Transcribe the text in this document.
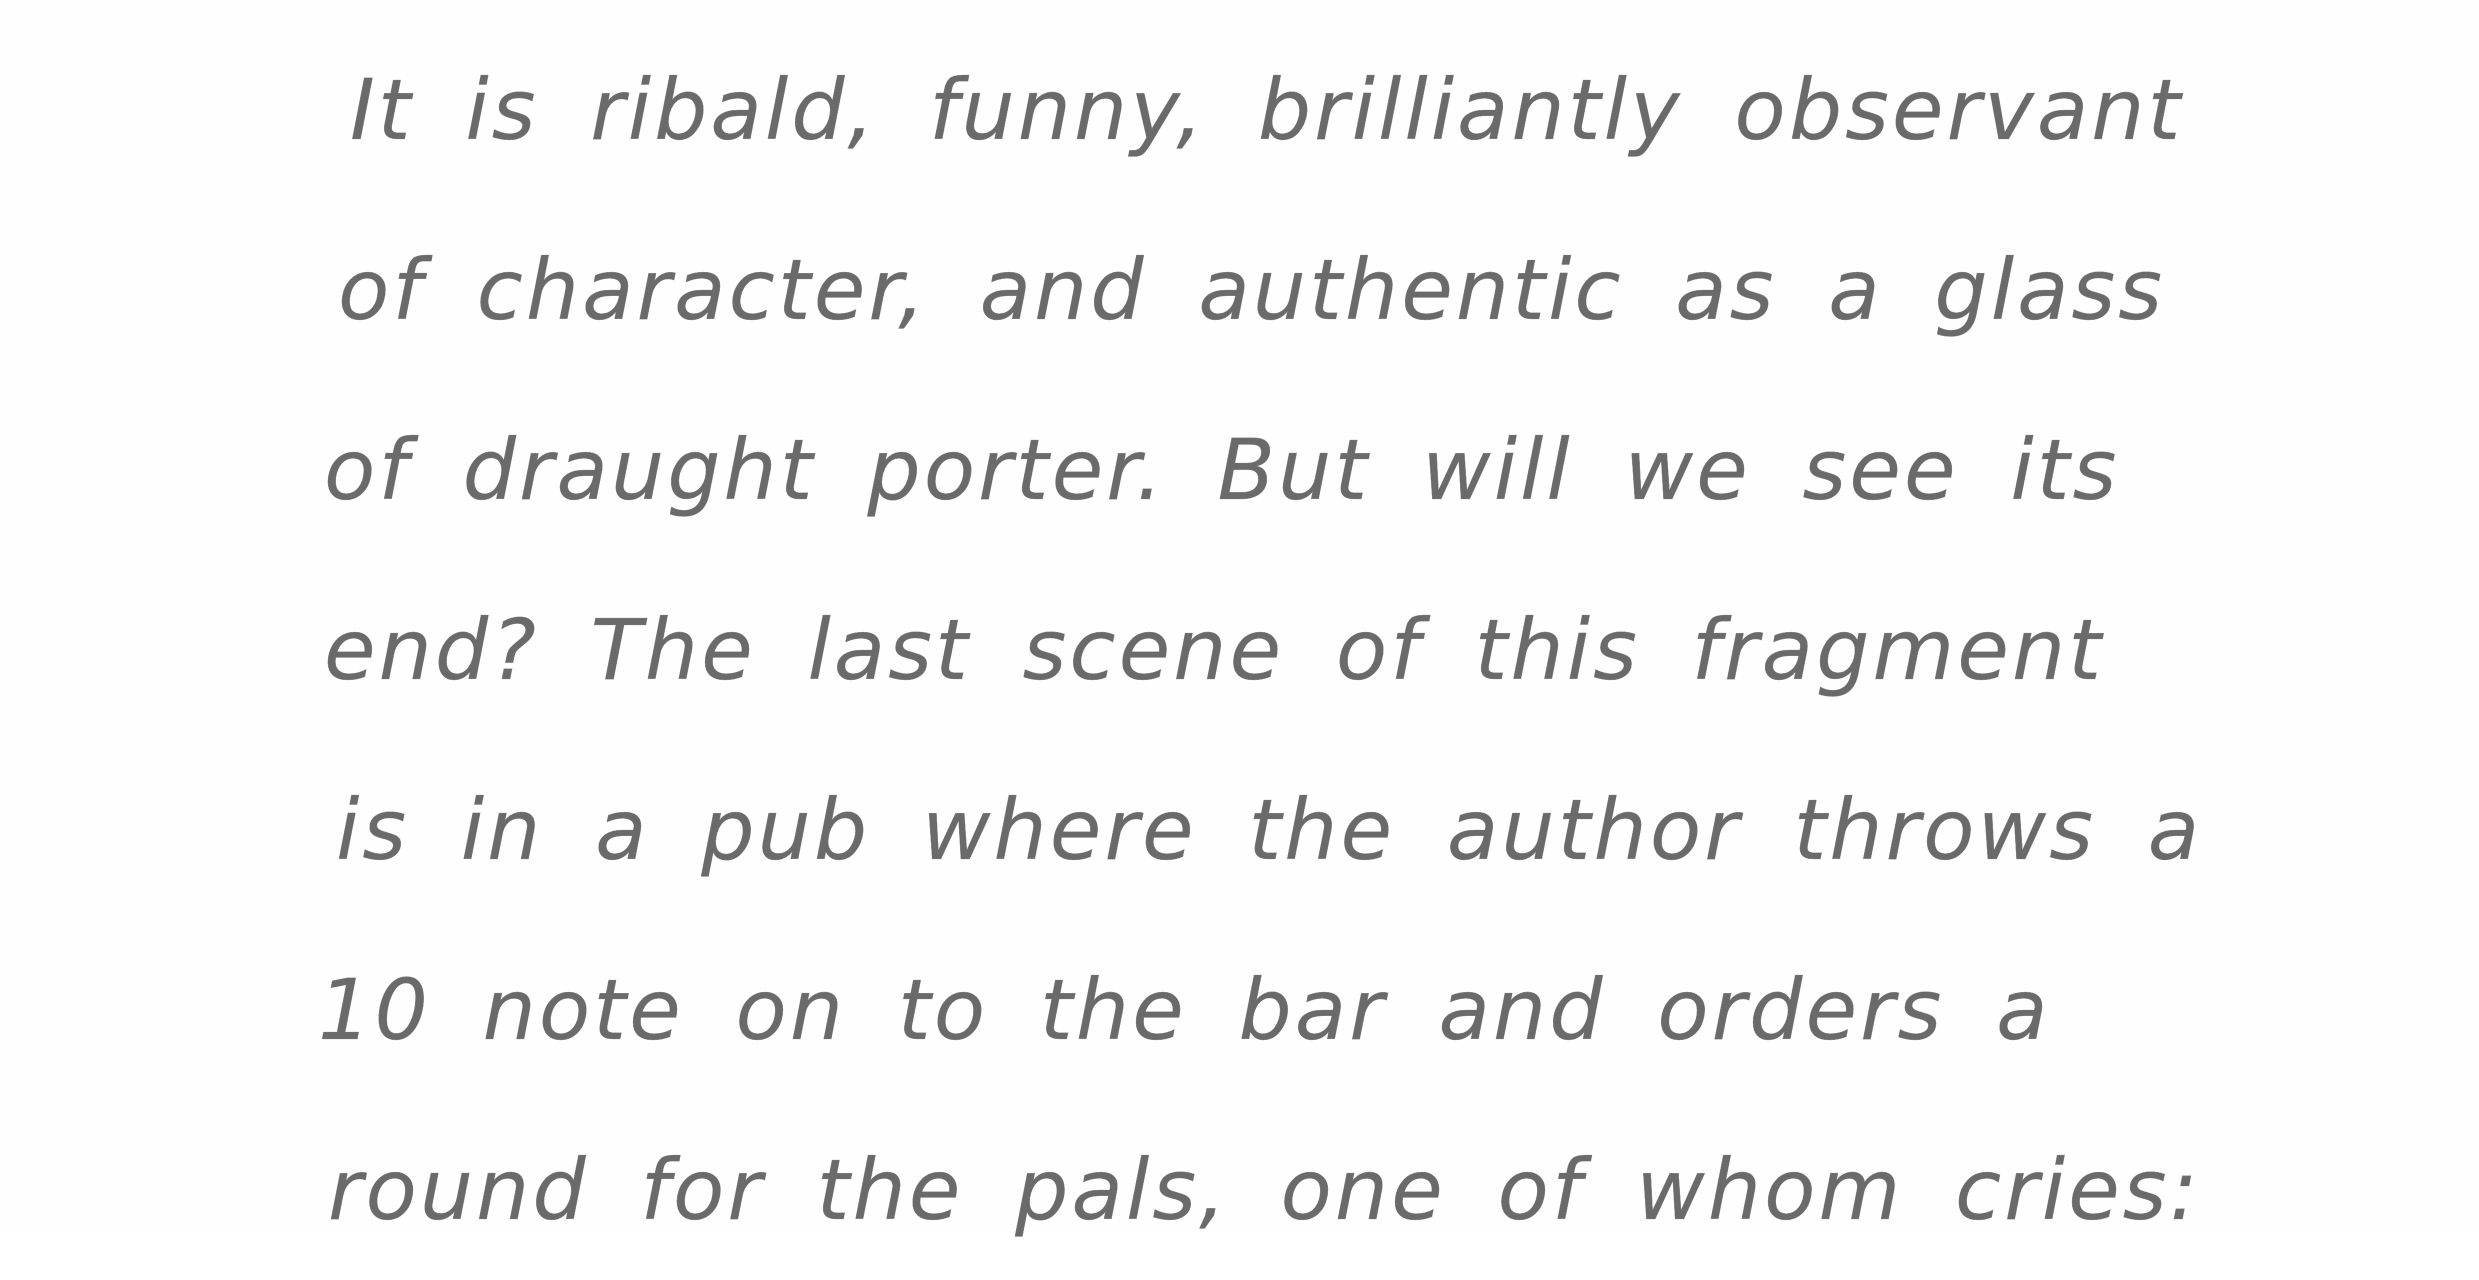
It is ribald, funny, brilliantly observant
of character, and authentic as a glass
of draught porter. But will we see its
end? The last scene of this fragment
is in a pub where the author throws a
10 note on to the bar and orders a
round for the pals, one of whom cries:
